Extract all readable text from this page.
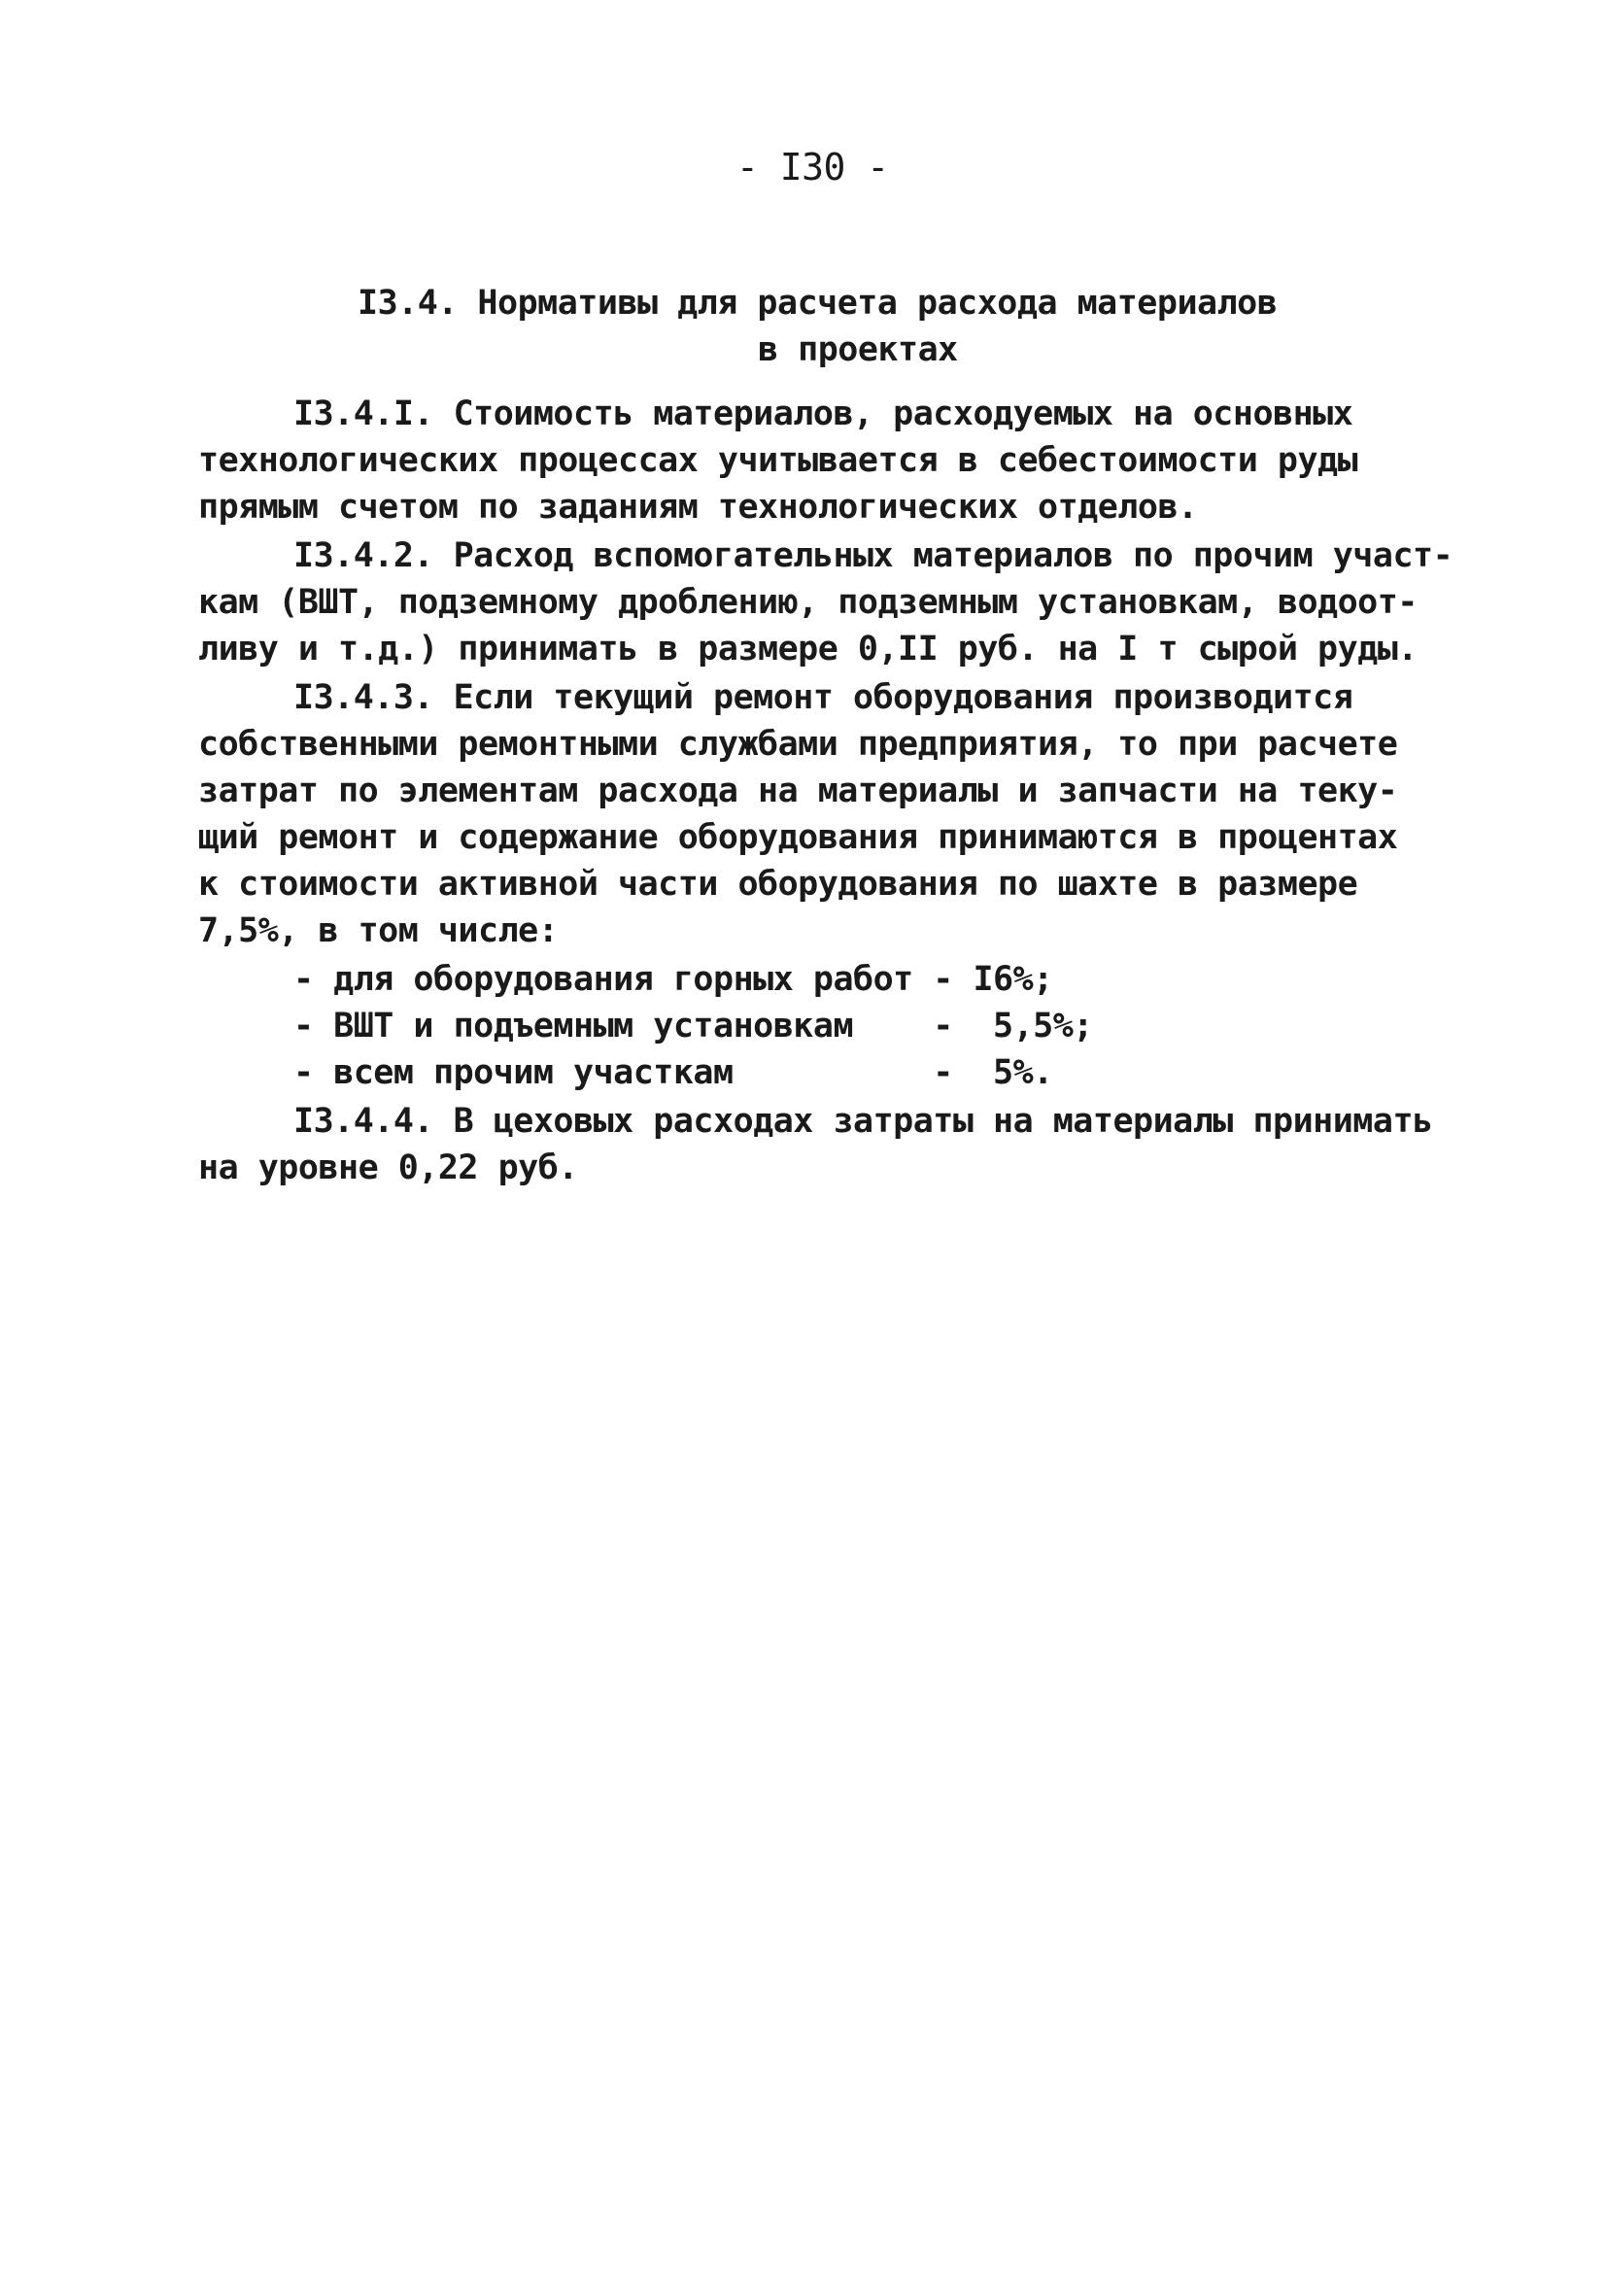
- I30 -
I3.4. Нормативы для расчета расхода материалов
в проектах
I3.4.I. Стоимость материалов, расходуемых на основных
технологических процессах учитывается в себестоимости руды
прямым счетом по заданиям технологических отделов.
I3.4.2. Расход вспомогательных материалов по прочим участ-
кам (ВШТ, подземному дроблению, подземным установкам, водоот-
ливу и т.д.) принимать в размере 0,II руб. на I т сырой руды.
I3.4.3. Если текущий ремонт оборудования производится
собственными ремонтными службами предприятия, то при расчете
затрат по элементам расхода на материалы и запчасти на теку-
щий ремонт и содержание оборудования принимаются в процентах
к стоимости активной части оборудования по шахте в размере
7,5%, в том числе:
- для оборудования горных работ - I6%;
- ВШТ и подъемным установкам    -  5,5%;
- всем прочим участкам          -  5%.
I3.4.4. В цеховых расходах затраты на материалы принимать
на уровне 0,22 руб.
